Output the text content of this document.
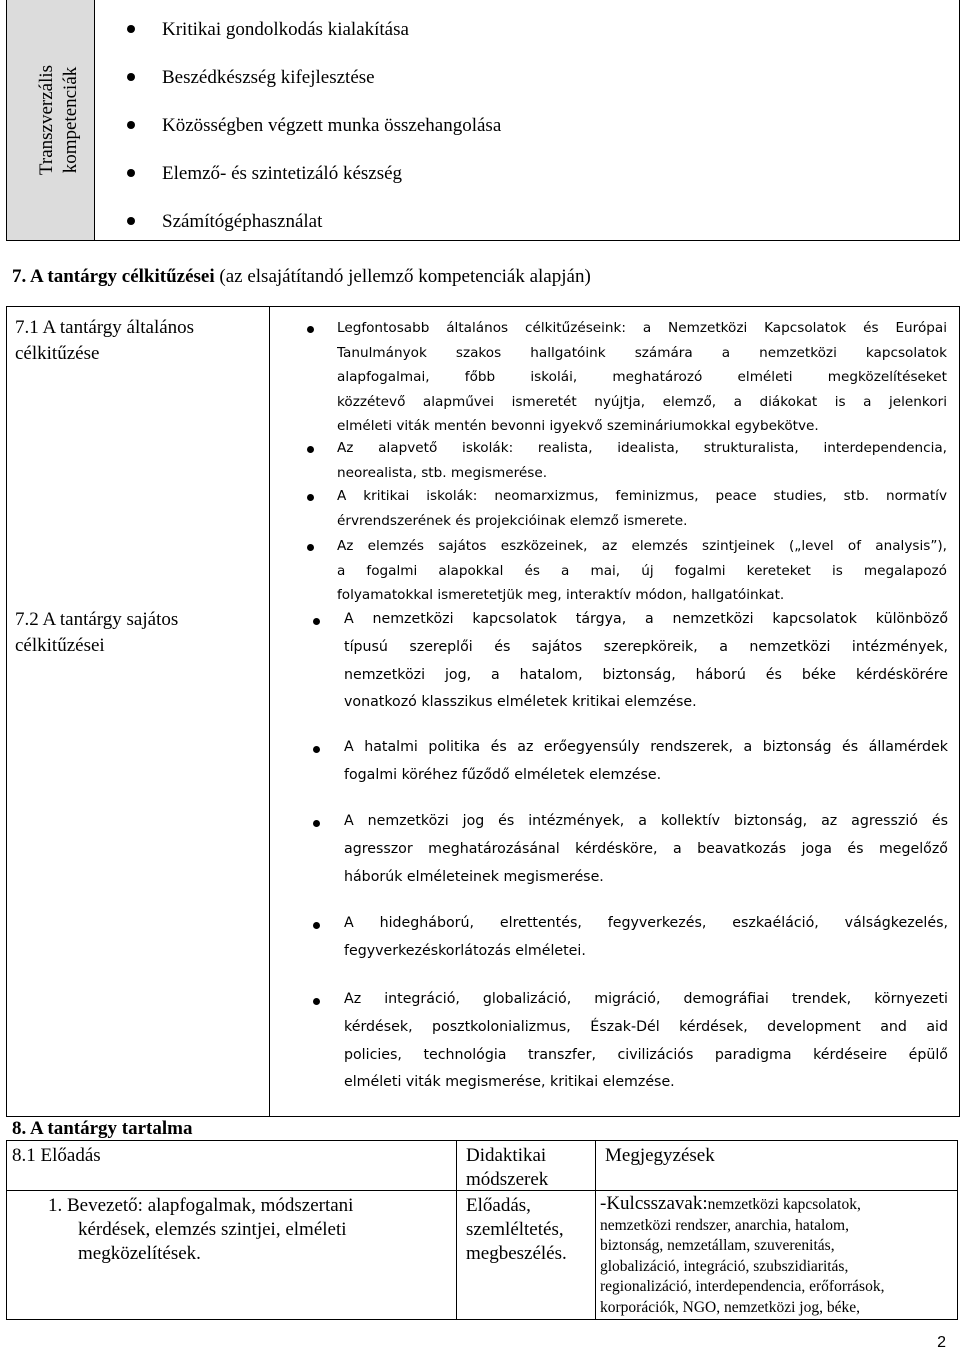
Transzverzális kompetenciák
Kritikai gondolkodás kialakítása
Beszédkészség kifejlesztése
Közösségben végzett munka összehangolása
Elemző- és szintetizáló készség
Számítógéphasználat
7. A tantárgy célkitűzései (az elsajátítandó jellemző kompetenciák alapján)
7.1 A tantárgy általános
célkitűzése
7.2 A tantárgy sajátos
célkitűzései
Legfontosabb általános célkitűzéseink: a Nemzetközi Kapcsolatok és Európai
Tanulmányok szakos hallgatóink számára a nemzetközi kapcsolatok
alapfogalmai, főbb iskolái, meghatározó elméleti megközelítéseket
közzétevő alapművei ismeretét nyújtja, elemző, a diákokat is a jelenkori
elméleti viták mentén bevonni igyekvő szemináriumokkal egybekötve.
Az alapvető iskolák: realista, idealista, strukturalista, interdependencia,
neorealista, stb. megismerése.
A kritikai iskolák: neomarxizmus, feminizmus, peace studies, stb. normatív
érvrendszerének és projekcióinak elemző ismerete.
Az elemzés sajátos eszközeinek, az elemzés szintjeinek („level of analysis”),
a fogalmi alapokkal és a mai, új fogalmi kereteket is megalapozó
folyamatokkal ismeretetjük meg, interaktív módon, hallgatóinkat.
A nemzetközi kapcsolatok tárgya, a nemzetközi kapcsolatok különböző
típusú szereplői és sajátos szerepköreik, a nemzetközi intézmények,
nemzetközi jog, a hatalom, biztonság, háború és béke kérdéskörére
vonatkozó klasszikus elméletek kritikai elemzése.
A hatalmi politika és az erőegyensúly rendszerek, a biztonság és államérdek
fogalmi köréhez fűződő elméletek elemzése.
A nemzetközi jog és intézmények, a kollektív biztonság, az agresszió és
agresszor meghatározásánal kérdésköre, a beavatkozás joga és megelőző
háborúk elméleteinek megismerése.
A hidegháború, elrettentés, fegyverkezés, eszkaéláció, válságkezelés,
fegyverkezéskorlátozás elméletei.
Az integráció, globalizáció, migráció, demográfiai trendek, környezeti
kérdések, posztkolonializmus, Észak-Dél kérdések, development and aid
policies, technológia transzfer, civilizációs paradigma kérdéseire épülő
elméleti viták megismerése, kritikai elemzése.
8. A tantárgy tartalma
8.1 Előadás	Didaktikai
módszerek
Megjegyzések
1. Bevezető: alapfogalmak, módszertani
kérdések, elemzés szintjei, elméleti
megközelítések.
Előadás,
szemléltetés,
megbeszélés.
-Kulcsszavak:nemzetközi kapcsolatok,
nemzetközi rendszer, anarchia, hatalom,
biztonság, nemzetállam, szuverenitás,
globalizáció, integráció, szubszidiaritás,
regionalizáció, interdependencia, erőforrások,
korporációk, NGO, nemzetközi jog, béke,
2
